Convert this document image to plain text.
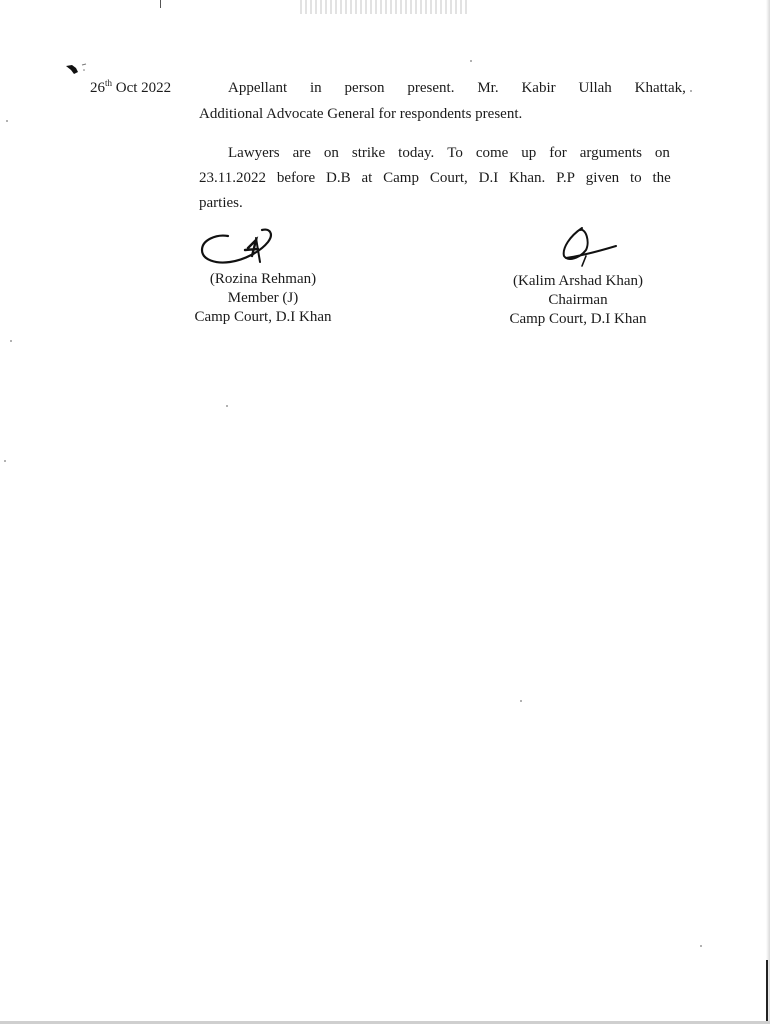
26th Oct 2022	Appellant in person present. Mr. Kabir Ullah Khattak,
Additional Advocate General for respondents present.
Lawyers are on strike today. To come up for arguments on
23.11.2022 before D.B at Camp Court, D.I Khan. P.P given to the
parties.
(Rozina Rehman)
Member (J)
Camp Court, D.I Khan
(Kalim Arshad Khan)
Chairman
Camp Court, D.I Khan
